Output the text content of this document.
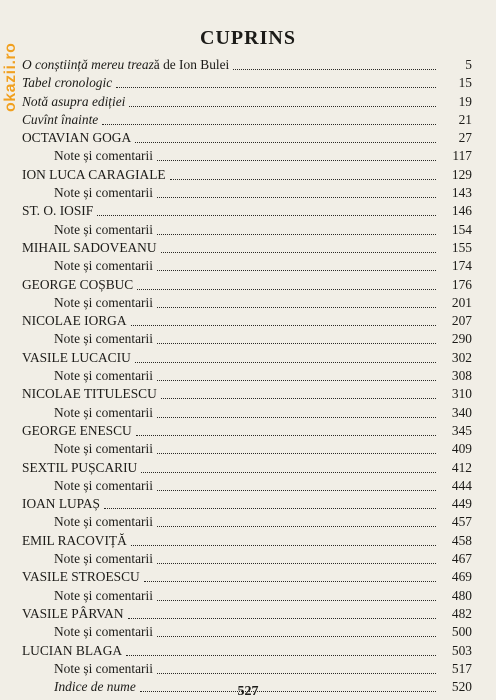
okazii.ro
CUPRINS
O conștiință mereu trează de Ion Bulei	5
Tabel cronologic	15
Notă asupra ediției	19
Cuvînt înainte	21
OCTAVIAN GOGA	27
Note și comentarii	117
ION LUCA CARAGIALE	129
Note și comentarii	143
ST. O. IOSIF	146
Note și comentarii	154
MIHAIL SADOVEANU	155
Note și comentarii	174
GEORGE COȘBUC	176
Note și comentarii	201
NICOLAE IORGA	207
Note și comentarii	290
VASILE LUCACIU	302
Note și comentarii	308
NICOLAE TITULESCU	310
Note și comentarii	340
GEORGE ENESCU	345
Note și comentarii	409
SEXTIL PUȘCARIU	412
Note și comentarii	444
IOAN LUPAȘ	449
Note și comentarii	457
EMIL RACOVIȚĂ	458
Note și comentarii	467
VASILE STROESCU	469
Note și comentarii	480
VASILE PÂRVAN	482
Note și comentarii	500
LUCIAN BLAGA	503
Note și comentarii	517
Indice de nume	520
527
